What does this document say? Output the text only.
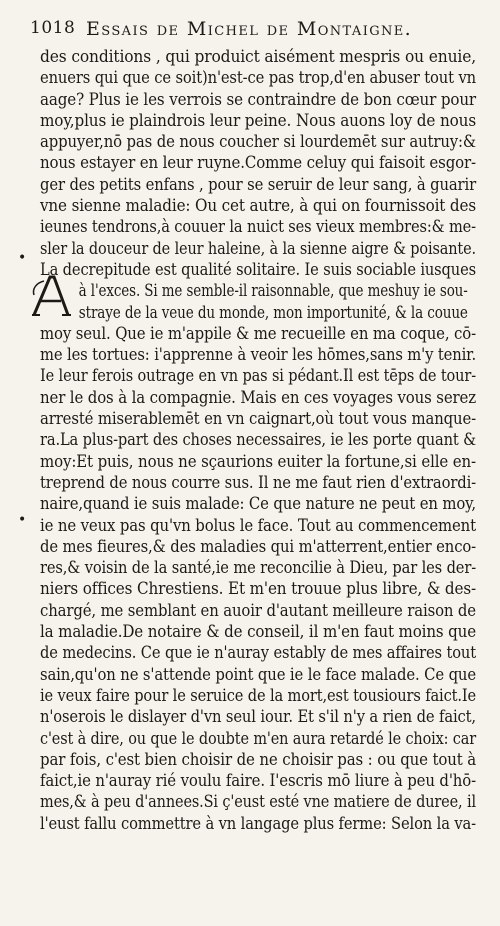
1018 Essais de Michel de Montaigne.
•
•
des conditions , qui produict aisément mespris ou enuie,
enuers qui que ce soit)n'est-ce pas trop,d'en abuser tout vn
aage? Plus ie les verrois se contraindre de bon cœur pour
moy,plus ie plaindrois leur peine. Nous auons loy de nous
appuyer,nō pas de nous coucher si lourdemēt sur autruy:&
nous estayer en leur ruyne.Comme celuy qui faisoit esgor-
ger des petits enfans , pour se seruir de leur sang, à guarir
vne sienne maladie: Ou cet autre, à qui on fournissoit des
ieunes tendrons,à couuer la nuict ses vieux membres:& me-
sler la douceur de leur haleine, à la sienne aigre & poisante.
La decrepitude est qualité solitaire. Ie suis sociable iusques
à l'exces. Si me semble-il raisonnable, que meshuy ie sou-
straye de la veue du monde, mon importunité, & la couue
moy seul. Que ie m'appile & me recueille en ma coque, cō-
me les tortues: i'apprenne à veoir les hōmes,sans m'y tenir.
Ie leur ferois outrage en vn pas si pédant.Il est tēps de tour-
ner le dos à la compagnie. Mais en ces voyages vous serez
arresté miserablemēt en vn caignart,où tout vous manque-
ra.La plus-part des choses necessaires, ie les porte quant &
moy:Et puis, nous ne sçaurions euiter la fortune,si elle en-
treprend de nous courre sus. Il ne me faut rien d'extraordi-
naire,quand ie suis malade: Ce que nature ne peut en moy,
ie ne veux pas qu'vn bolus le face. Tout au commencement
de mes fieures,& des maladies qui m'atterrent,entier enco-
res,& voisin de la santé,ie me reconcilie à Dieu, par les der-
niers offices Chrestiens. Et m'en trouue plus libre, & des-
chargé, me semblant en auoir d'autant meilleure raison de
la maladie.De notaire & de conseil, il m'en faut moins que
de medecins. Ce que ie n'auray estably de mes affaires tout
sain,qu'on ne s'attende point que ie le face malade. Ce que
ie veux faire pour le seruice de la mort,est tousiours faict.Ie
n'oserois le dislayer d'vn seul iour. Et s'il n'y a rien de faict,
c'est à dire, ou que le doubte m'en aura retardé le choix: car
par fois, c'est bien choisir de ne choisir pas : ou que tout à
faict,ie n'auray rié voulu faire. I'escris mō liure à peu d'hō-
mes,& à peu d'annees.Si ç'eust esté vne matiere de duree, il
l'eust fallu commettre à vn langage plus ferme: Selon la va-
